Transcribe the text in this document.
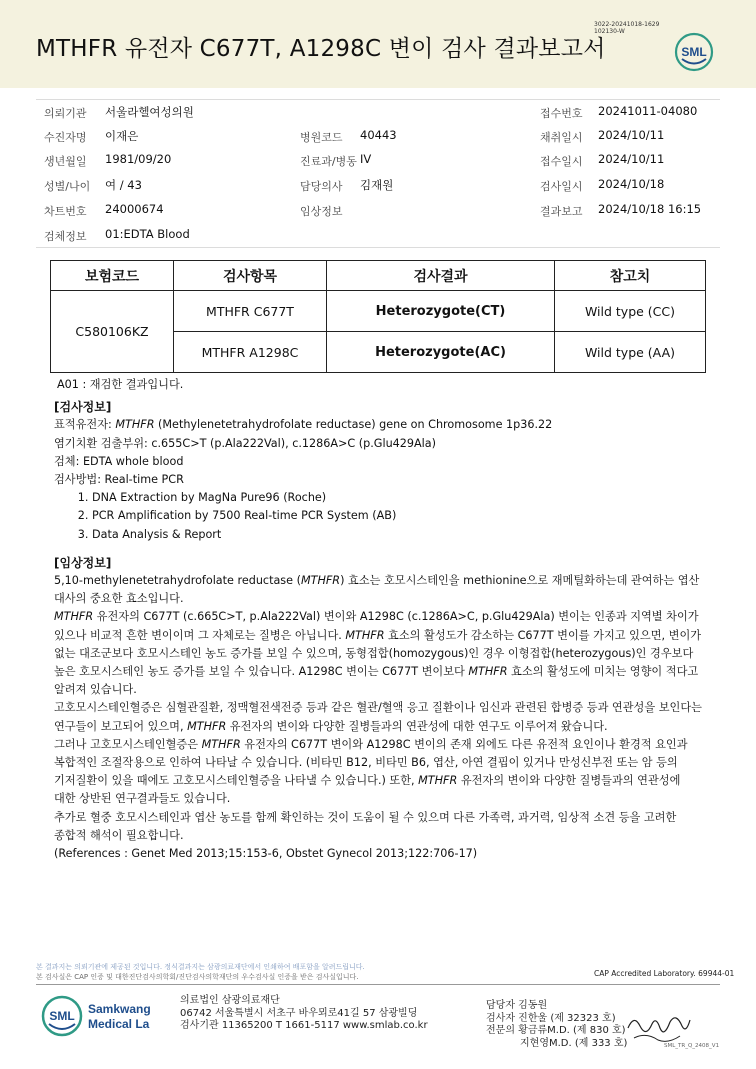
MTHFR 유전자 C677T, A1298C 변이 검사 결과보고서
3022-20241018-1629
102130-W
SML
의뢰기관 서울라헬여성의원	접수번호 20241011-04080
수진자명 이재은	병원코드 40443	채취일시 2024/10/11
생년월일 1981/09/20	진료과/병동 IV	접수일시 2024/10/11
성별/나이 여 / 43	담당의사 김재원	검사일시 2024/10/18
차트번호 24000674	임상정보	결과보고 2024/10/18 16:15
검체정보 01:EDTA Blood
보험코드	검사항목	검사결과	참고치
C580106KZ	MTHFR C677T	Heterozygote(CT)	Wild type (CC)
	MTHFR A1298C	Heterozygote(AC)	Wild type (AA)

A01 : 재검한 결과입니다.

[검사정보]

표적유전자: MTHFR (Methylenetetrahydrofolate reductase) gene on Chromosome 1p36.22

염기치환 검출부위: c.655C>T (p.Ala222Val), c.1286A>C (p.Glu429Ala)

검체: EDTA whole blood

검사방법: Real-time PCR

1. DNA Extraction by MagNa Pure96 (Roche)
2. PCR Amplification by 7500 Real-time PCR System (AB)
3. Data Analysis & Report

[임상정보]

5,10-methylenetetrahydrofolate reductase (MTHFR) 효소는 호모시스테인을 methionine으로 재메틸화하는데 관여하는 엽산
대사의 중요한 효소입니다.

MTHFR 유전자의 C677T (c.665C>T, p.Ala222Val) 변이와 A1298C (c.1286A>C, p.Glu429Ala) 변이는 인종과 지역별 차이가
있으나 비교적 흔한 변이이며 그 자체로는 질병은 아닙니다. MTHFR 효소의 활성도가 감소하는 C677T 변이를 가지고 있으면, 변이가
없는 대조군보다 호모시스테인 농도 증가를 보일 수 있으며, 동형접합(homozygous)인 경우 이형접합(heterozygous)인 경우보다
높은 호모시스테인 농도 증가를 보일 수 있습니다. A1298C 변이는 C677T 변이보다 MTHFR 효소의 활성도에 미치는 영향이 적다고
알려져 있습니다.

고호모시스테인혈증은 심혈관질환, 정맥혈전색전증 등과 같은 혈관/혈액 응고 질환이나 임신과 관련된 합병증 등과 연관성을 보인다는
연구들이 보고되어 있으며, MTHFR 유전자의 변이와 다양한 질병들과의 연관성에 대한 연구도 이루어져 왔습니다.

그러나 고호모시스테인혈증은 MTHFR 유전자의 C677T 변이와 A1298C 변이의 존재 외에도 다른 유전적 요인이나 환경적 요인과
복합적인 조절작용으로 인하여 나타날 수 있습니다. (비타민 B12, 비타민 B6, 엽산, 아연 결핍이 있거나 만성신부전 또는 암 등의
기저질환이 있을 때에도 고호모시스테인혈증을 나타낼 수 있습니다.) 또한, MTHFR 유전자의 변이와 다양한 질병들과의 연관성에
대한 상반된 연구결과들도 있습니다.

추가로 혈중 호모시스테인과 엽산 농도를 함께 확인하는 것이 도움이 될 수 있으며 다른 가족력, 과거력, 임상적 소견 등을 고려한
종합적 해석이 필요합니다.

(References : Genet Med 2013;15:153-6, Obstet Gynecol 2013;122:706-17)

본 결과지는 의뢰기관에 제공된 것입니다. 정식결과지는 삼광의료재단에서 인쇄하여 배포함을 알려드립니다.
본 검사실은 CAP 인증 및 대한진단검사의학회/진단검사의학재단의 우수검사실 인증을 받은 검사실입니다.	CAP Accredited Laboratory. 69944-01
SML Samkwang
Medical Lab
의료법인 삼광의료재단
06742 서울특별시 서초구 바우뫼로41길 57 삼광빌딩
검사기관 11365200 T 1661-5117 www.smlab.co.kr
담당자 김동원
검사자 진한울 (제 32323 호)
전문의 황금류M.D. (제 830 호)
지현영M.D. (제 333 호)	SML_TR_Q_2408_V1
